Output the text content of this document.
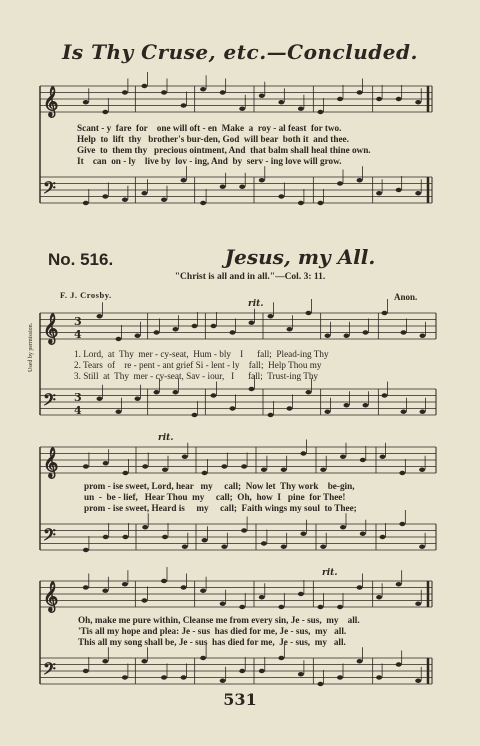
𝄞
𝄢
𝄞
𝄢
3
4
3
4
𝄞
𝄢
𝄞
𝄢
rit.
rit.
rit.
Is Thy Cruse, etc.—Concluded.
No. 516.	Jesus, my All.
"Christ is all and in all."—Col. 3: 11.
F. J. Crosby.	Anon.
Used by permission.
Scant - y  fare  for    one will oft - en  Make  a  roy - al feast  for two.
Help  to  lift  thy   brother's bur-den, God  will bear  both it  and thee.
Give  to  them thy   precious ointment, And  that balm shall heal thine own.
It    can  on - ly    live by  lov - ing, And  by  serv - ing love will grow.
1. Lord,  at  Thy  mer - cy-seat,  Hum - bly    I      fall;  Plead-ing Thy
2. Tears  of    re - pent - ant grief Si - lent - ly    fall;  Help Thou my
3. Still  at  Thy  mer - cy-seat, Sav - iour,   I      fall;  Trust-ing Thy
prom - ise sweet, Lord, hear   my     call;  Now let  Thy work    be-gin,
un  -  be - lief,   Hear Thou  my     call;  Oh,  how  I   pine  for Thee!
prom - ise sweet, Heard is     my     call;  Faith wings my soul  to Thee;
Oh, make me pure within, Cleanse me from every sin, Je - sus,  my    all.
'Tis all my hope and plea: Je - sus  has died for me, Je - sus,  my   all.
This all my song shall be, Je - sus  has died for me,  Je - sus,  my   all.
531
